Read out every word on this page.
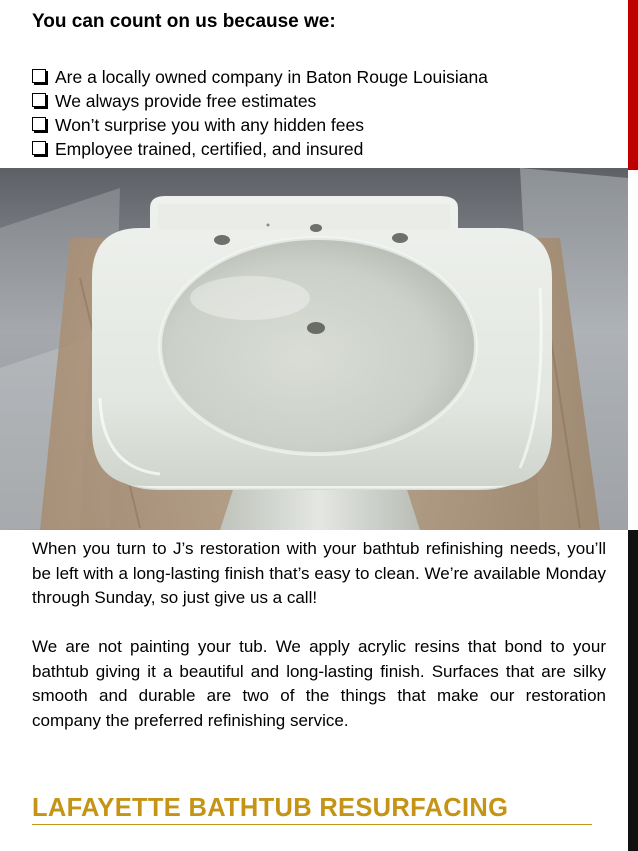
You can count on us because we:
Are a locally owned company in Baton Rouge Louisiana
We always provide free estimates
Won’t surprise you with any hidden fees
Employee trained, certified, and insured

When you turn to J’s restoration with your bathtub refinishing needs, you’ll be left with a long-lasting finish that’s easy to clean. We’re available Monday through Sunday, so just give us a call!

We are not painting your tub. We apply acrylic resins that bond to your bathtub giving it a beautiful and long-lasting finish. Surfaces that are silky smooth and durable are two of the things that make our restoration company the preferred refinishing service.

LAFAYETTE BATHTUB RESURFACING
